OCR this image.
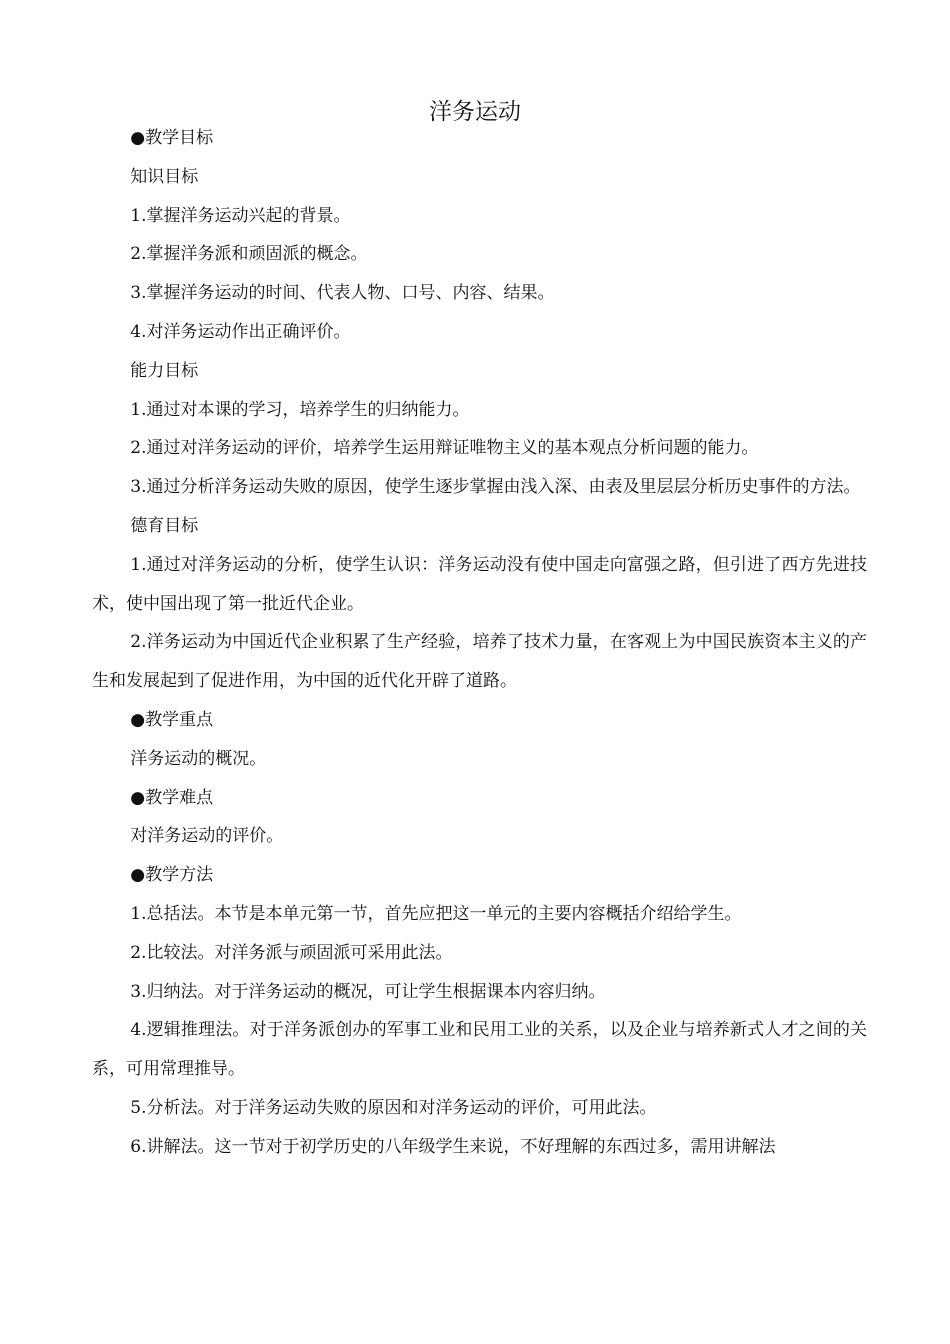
洋务运动

●教学目标

知识目标

1.掌握洋务运动兴起的背景。

2.掌握洋务派和顽固派的概念。

3.掌握洋务运动的时间、代表人物、口号、内容、结果。

4.对洋务运动作出正确评价。

能力目标

1.通过对本课的学习，培养学生的归纳能力。

2.通过对洋务运动的评价，培养学生运用辩证唯物主义的基本观点分析问题的能力。

3.通过分析洋务运动失败的原因，使学生逐步掌握由浅入深、由表及里层层分析历史事件的方法。

德育目标

1.通过对洋务运动的分析，使学生认识：洋务运动没有使中国走向富强之路，但引进了西方先进技术，使中国出现了第一批近代企业。

2.洋务运动为中国近代企业积累了生产经验，培养了技术力量，在客观上为中国民族资本主义的产生和发展起到了促进作用，为中国的近代化开辟了道路。

●教学重点

洋务运动的概况。

●教学难点

对洋务运动的评价。

●教学方法

1.总括法。本节是本单元第一节，首先应把这一单元的主要内容概括介绍给学生。

2.比较法。对洋务派与顽固派可采用此法。

3.归纳法。对于洋务运动的概况，可让学生根据课本内容归纳。

4.逻辑推理法。对于洋务派创办的军事工业和民用工业的关系，以及企业与培养新式人才之间的关系，可用常理推导。

5.分析法。对于洋务运动失败的原因和对洋务运动的评价，可用此法。

6.讲解法。这一节对于初学历史的八年级学生来说，不好理解的东西过多，需用讲解法
